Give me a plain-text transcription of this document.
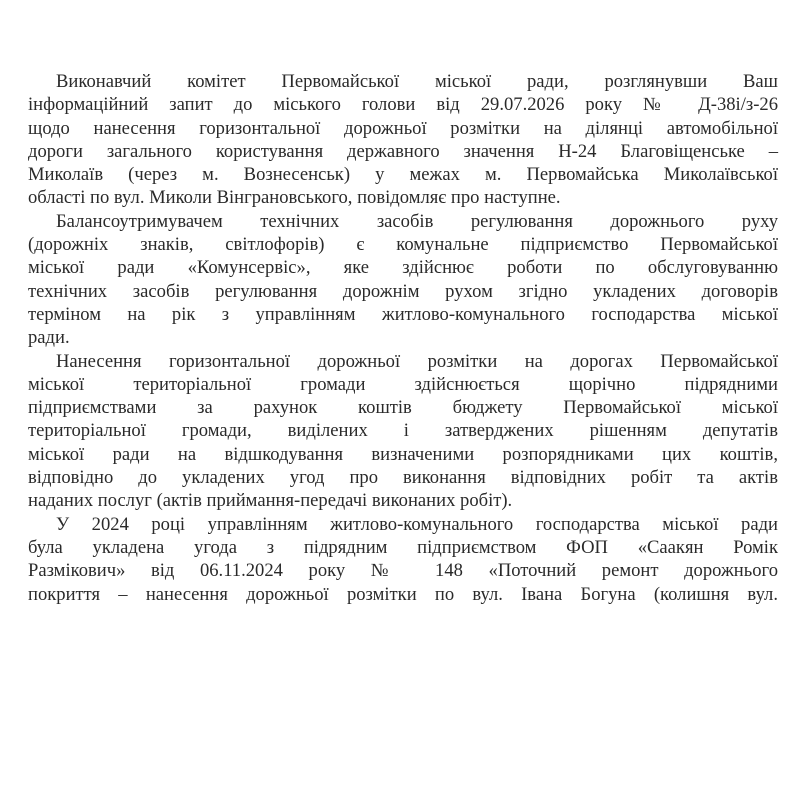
Виконавчий комітет Первомайської міської ради, розглянувши Ваш
інформаційний запит до міського голови від 29.07.2026 року № Д-38і/з-26
щодо нанесення горизонтальної дорожньої розмітки на ділянці автомобільної
дороги загального користування державного значення Н-24 Благовіщенське –
Миколаїв (через м. Вознесенськ) у межах м. Первомайська Миколаївської
області по вул. Миколи Вінграновського, повідомляє про наступне.
Балансоутримувачем технічних засобів регулювання дорожнього руху
(дорожніх знаків, світлофорів) є комунальне підприємство Первомайської
міської ради «Комунсервіс», яке здійснює роботи по обслуговуванню
технічних засобів регулювання дорожнім рухом згідно укладених договорів
терміном на рік з управлінням житлово-комунального господарства міської
ради.
Нанесення горизонтальної дорожньої розмітки на дорогах Первомайської
міської територіальної громади здійснюється щорічно підрядними
підприємствами за рахунок коштів бюджету Первомайської міської
територіальної громади, виділених і затверджених рішенням депутатів
міської ради на відшкодування визначеними розпорядниками цих коштів,
відповідно до укладених угод про виконання відповідних робіт та актів
наданих послуг (актів приймання-передачі виконаних робіт).
У 2024 році управлінням житлово-комунального господарства міської ради
була укладена угода з підрядним підприємством ФОП «Саакян Ромік
Размікович» від 06.11.2024 року № 148 «Поточний ремонт дорожнього
покриття – нанесення дорожньої розмітки по вул. Івана Богуна (колишня вул.
